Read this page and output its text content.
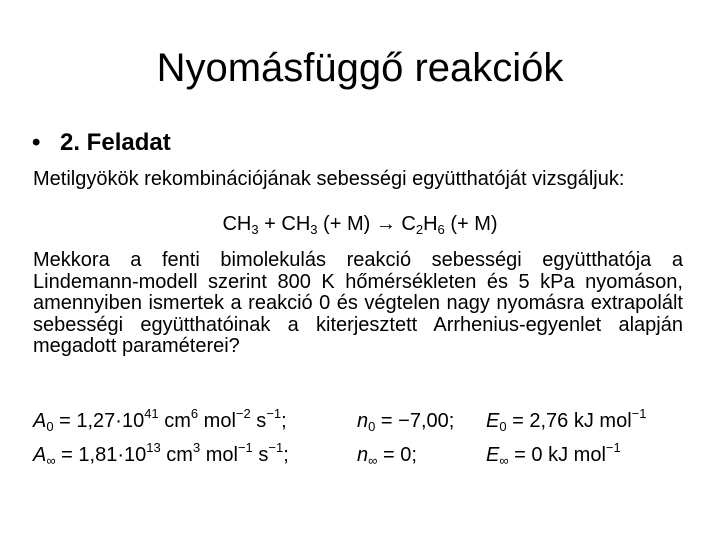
Nyomásfüggő reakciók
• 2. Feladat
Metilgyökök rekombinációjának sebességi együtthatóját vizsgáljuk:
$CH_3 + CH_3$ (+ $M) \to C_2H_6$ (+ M)
Mekkora a fenti bimolekulás reakció sebességi együtthatója a Lindemann-modell szerint 800 K hőmérsékleten és 5 kPa nyomáson, amennyiben ismertek a reakció 0 és végtelen nagy nyomásra extrapolált sebességi együtthatóinak a kiterjesztett Arrhenius-egyenlet alapján megadott paraméterei?
$A_0 = 1,27\cdot 10^{41}$ $cm^6$ mol$^{-2}$ $s^{-1}$;	$n_0 = -7,00$; $E_0 = 2,76$ kJ mol$^{-1}$
$A_\infty = 1,81\cdot 10^{13}$ $cm^3$ mol$^{-1}$ $s^{-1}$;	$n_\infty = 0$;	$E_\infty = 0$ kJ mol$^{-1}$
